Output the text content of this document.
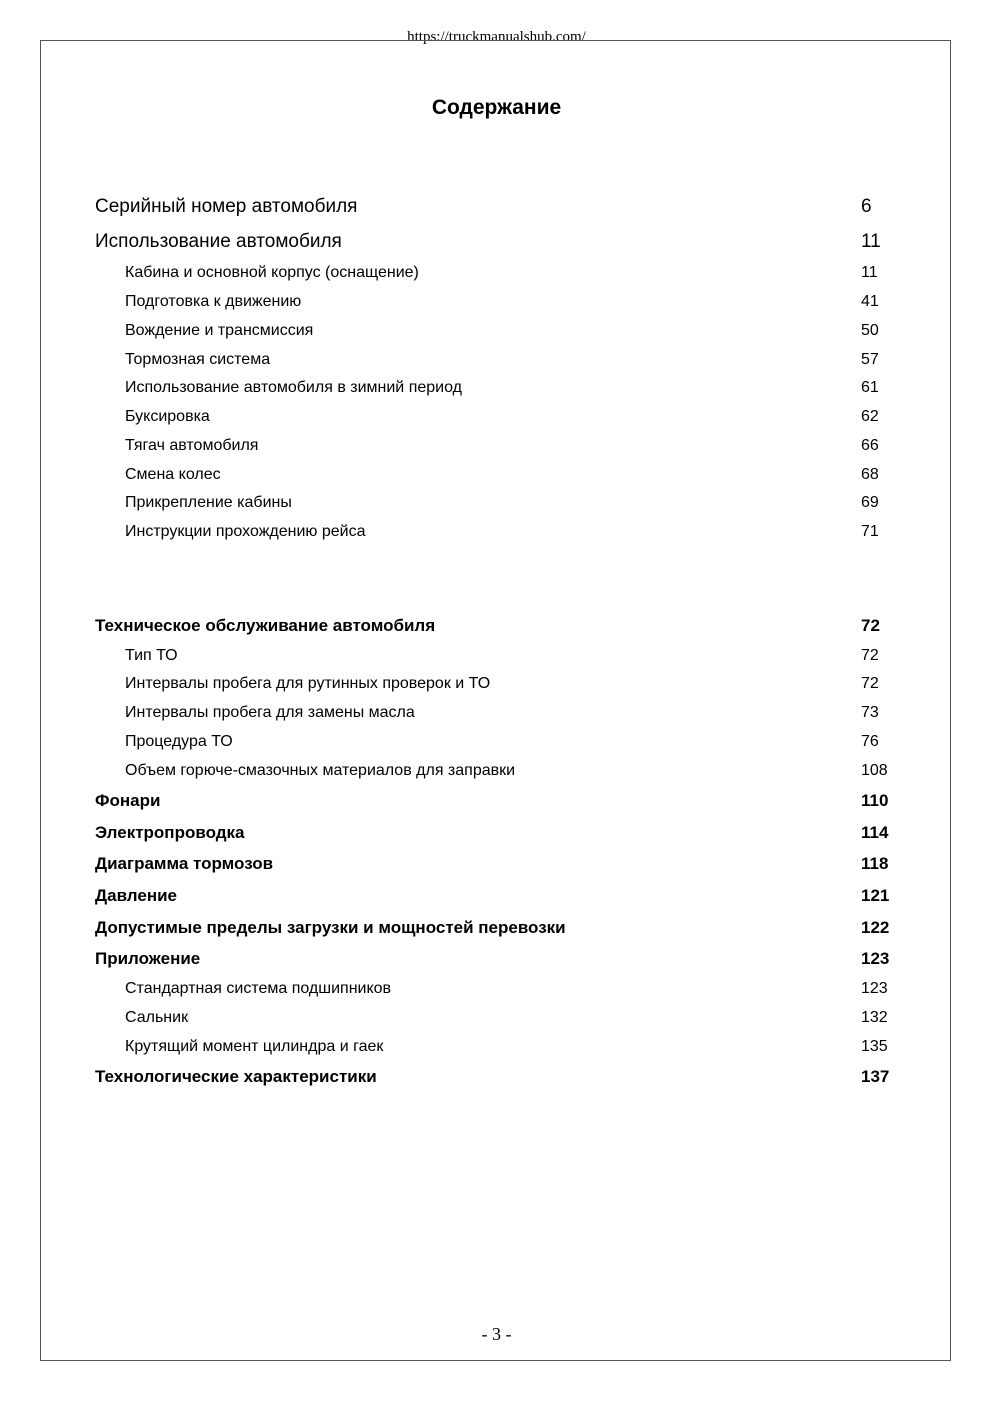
https://truckmanualshub.com/
Содержание
Серийный номер автомобиля	6
Использование автомобиля	11
Кабина и основной корпус (оснащение)	11
Подготовка к движению	41
Вождение и трансмиссия	50
Тормозная система	57
Использование автомобиля в зимний период	61
Буксировка	62
Тягач автомобиля	66
Смена колес	68
Прикрепление кабины	69
Инструкции прохождению рейса	71
Техническое обслуживание автомобиля	72
Тип ТО	72
Интервалы пробега для рутинных проверок и ТО	72
Интервалы пробега для замены масла	73
Процедура ТО	76
Объем горюче-смазочных материалов для заправки	108
Фонари	110
Электропроводка	114
Диаграмма тормозов	118
Давление	121
Допустимые пределы загрузки и мощностей перевозки	122
Приложение	123
Стандартная система подшипников	123
Сальник	132
Крутящий момент цилиндра и гаек	135
Технологические характеристики	137
- 3 -
